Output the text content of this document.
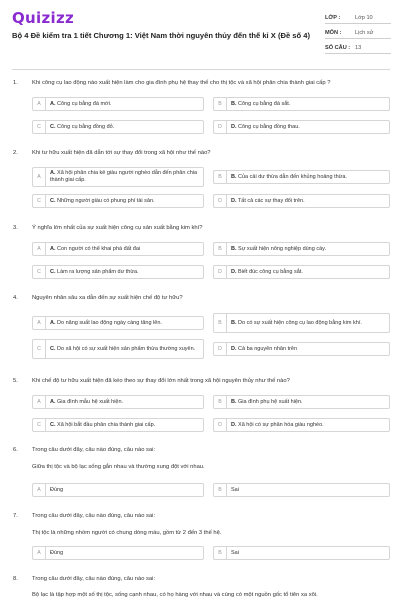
Quizizz
Bộ 4 Đề kiểm tra 1 tiết Chương 1: Việt Nam thời nguyên thủy đến thế kỉ X (Đề số 4)
LỚP :	Lớp 10
MÔN :	Lịch sử
SỐ CÂU : 13
1. Khi công cụ lao động nào xuất hiện làm cho gia đình phụ hệ thay thế cho thị tộc và xã hội phân chia thành giai cấp ?
A	A. Công cụ bằng đá mới.	B	B. Công cụ bằng đá sắt.
C	C. Công cụ bằng đồng đỏ.	D	D. Công cụ bằng đồng thau.
2. Khi tư hữu xuất hiện đã dẫn tới sự thay đổi trong xã hội như thế nào?
A
A. Xã hội phân chia kẻ giàu người nghèo dẫn đến phân chia thành giai cấp.	B	B. Của cải dư thừa dẫn đến khủng hoảng thừa.
C	C. Những người giàu có phung phí tài sản.	D	D. Tất cả các sự thay đổi trên.
3. Ý nghĩa lớn nhất của sự xuất hiện công cụ sản xuất bằng kim khí?
A	A. Con người có thể khai phá đất đai	B	B. Sự xuất hiện nông nghiệp dùng cày.
C	C. Làm ra lượng sản phẩm dư thừa.	D	D. Biết đúc công cụ bằng sắt.
4. Nguyên nhân sâu xa dẫn đến sự xuất hiện chế độ tư hữu?
A	A. Do năng suất lao động ngày càng tăng lên.	B	B. Do có sự xuất hiện công cụ lao động bằng kim khí.
C	C. Do xã hội có sự xuất hiện sản phẩm thừa thường xuyên.	D	D. Cả ba nguyên nhân trên
5. Khi chế độ tư hữu xuất hiện đã kéo theo sự thay đổi lớn nhất trong xã hội nguyên thủy như thế nào?
A	A. Gia đình mẫu hệ xuất hiện.	B	B. Gia đình phụ hệ xuất hiện.
C	C. Xã hội bắt đầu phân chia thành giai cấp.	D	D. Xã hội có sự phân hóa giàu nghèo.
6. Trong câu dưới đây, câu nào đúng, câu nào sai:
Giữa thị tộc và bộ lạc sống gắn nhau và thường xung đột với nhau.
A	Đúng	B	Sai
7. Trong câu dưới đây, câu nào đúng, câu nào sai:
Thị tộc là những nhóm người có chung dòng máu, gồm từ 2 đến 3 thế hệ.
A	Đúng	B	Sai
8. Trong câu dưới đây, câu nào đúng, câu nào sai:
Bộ lạc là tập hợp một số thị tộc, sống cạnh nhau, có họ hàng với nhau và cùng có một nguồn gốc tổ tiên xa xôi.
